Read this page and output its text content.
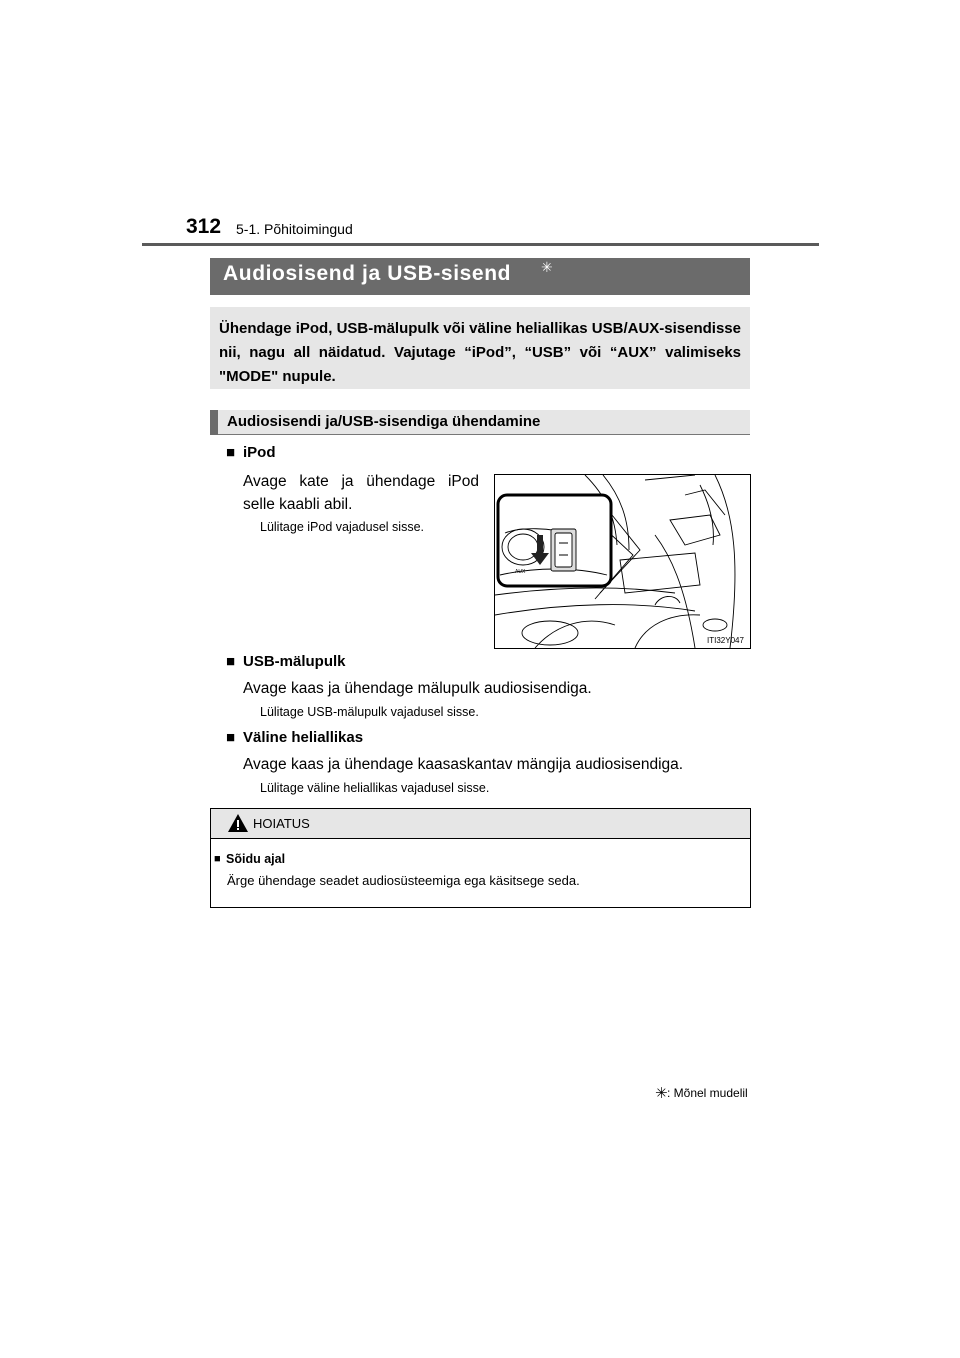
312 5-1. Põhitoimingud
Audiosisend ja USB-sisend ✳
Ühendage iPod, USB-mälupulk või väline heliallikas USB/AUX-sisendisse nii, nagu all näidatud. Vajutage “iPod”, “USB” või “AUX” valimiseks "MODE" nupule.
Audiosisendi ja/USB-sisendiga ühendamine
■ iPod
Avage kate ja ühendage iPod
selle kaabli abil.
Lülitage iPod vajadusel sisse.
AUX
ITI32Y047
■ USB-mälupulk
Avage kaas ja ühendage mälupulk audiosisendiga.
Lülitage USB-mälupulk vajadusel sisse.
■ Väline heliallikas
Avage kaas ja ühendage kaasaskantav mängija audiosisendiga.
Lülitage väline heliallikas vajadusel sisse.
HOIATUS
■ Sõidu ajal
Ärge ühendage seadet audiosüsteemiga ega käsitsege seda.
✳ : Mõnel mudelil
